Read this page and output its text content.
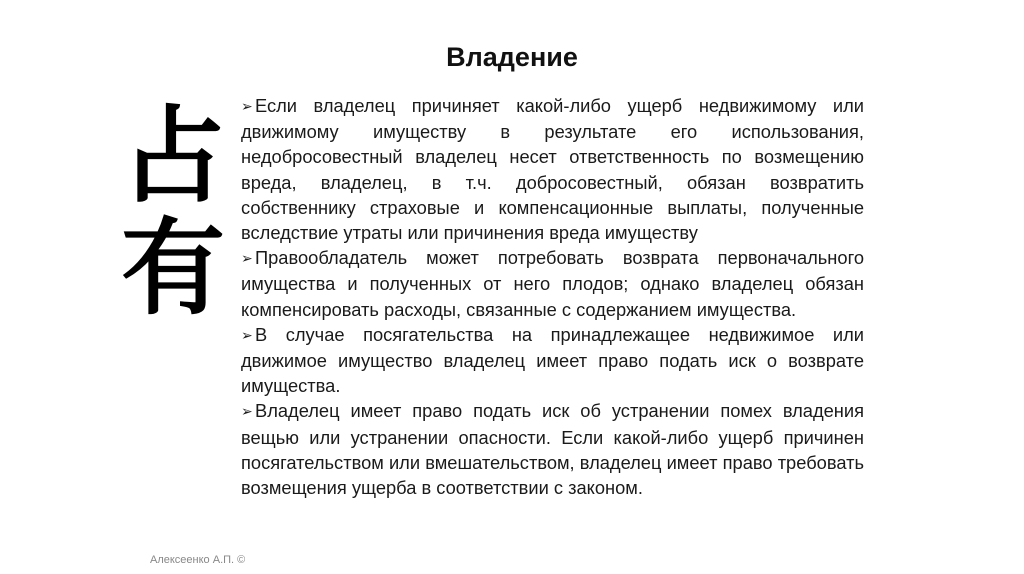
Владение
占
有

➢ Если владелец причиняет какой-либо ущерб недвижимому или движимому имуществу в результате его использования, недобросовестный владелец несет ответственность по возмещению вреда, владелец, в т.ч. добросовестный, обязан возвратить собственнику страховые и компенсационные выплаты, полученные вследствие утраты или причинения вреда имуществу

➢ Правообладатель может потребовать возврата первоначального имущества и полученных от него плодов; однако владелец обязан компенсировать расходы, связанные с содержанием имущества.

➢ В случае посягательства на принадлежащее недвижимое или движимое имущество владелец имеет право подать иск о возврате имущества.

➢ Владелец имеет право подать иск об устранении помех владения вещью или устранении опасности. Если какой-либо ущерб причинен посягательством или вмешательством, владелец имеет право требовать возмещения ущерба в соответствии с законом.

Алексеенко А.П. ©
